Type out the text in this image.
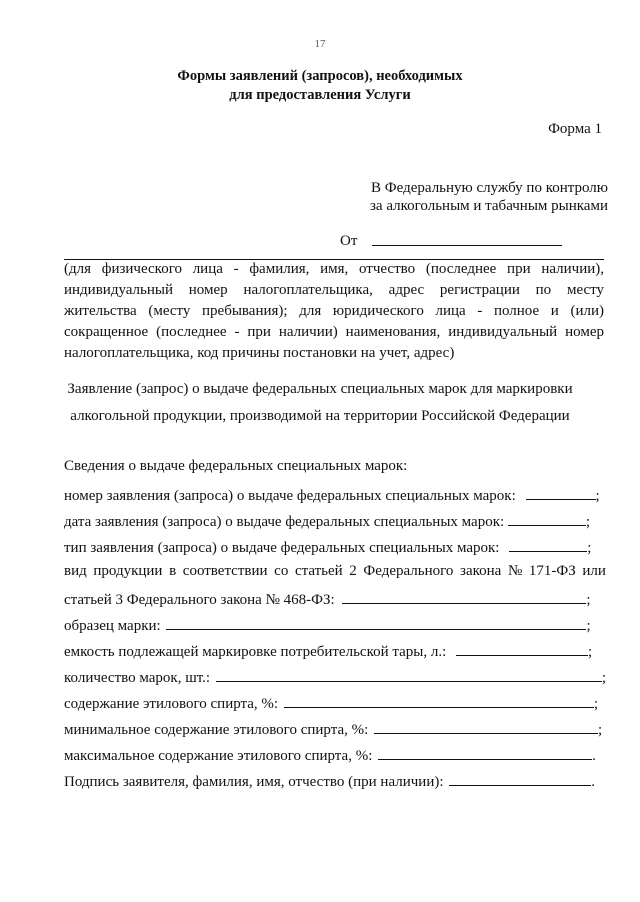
17
Формы заявлений (запросов), необходимых
для предоставления Услуги
Форма 1
В Федеральную службу по контролю
за алкогольным и табачным рынками
От
(для физического лица - фамилия, имя, отчество (последнее при наличии),
индивидуальный номер налогоплательщика, адрес регистрации по месту
жительства (месту пребывания); для юридического лица - полное и (или)
сокращенное (последнее - при наличии) наименования, индивидуальный номер
налогоплательщика, код причины постановки на учет, адрес)
Заявление (запрос) о выдаче федеральных специальных марок для маркировки
алкогольной продукции, производимой на территории Российской Федерации
Сведения о выдаче федеральных специальных марок:
номер заявления (запроса) о выдаче федеральных специальных марок:	;
дата заявления (запроса) о выдаче федеральных специальных марок:	;
тип заявления (запроса) о выдаче федеральных специальных марок:	;
вид продукции в соответствии со статьей 2 Федерального закона № 171-ФЗ или
статьей 3 Федерального закона № 468-ФЗ:	;
образец марки:	;
емкость подлежащей маркировке потребительской тары, л.:	;
количество марок, шт.:	;
содержание этилового спирта, %:	;
минимальное содержание этилового спирта, %:	;
максимальное содержание этилового спирта, %:	.
Подпись заявителя, фамилия, имя, отчество (при наличии):	.
